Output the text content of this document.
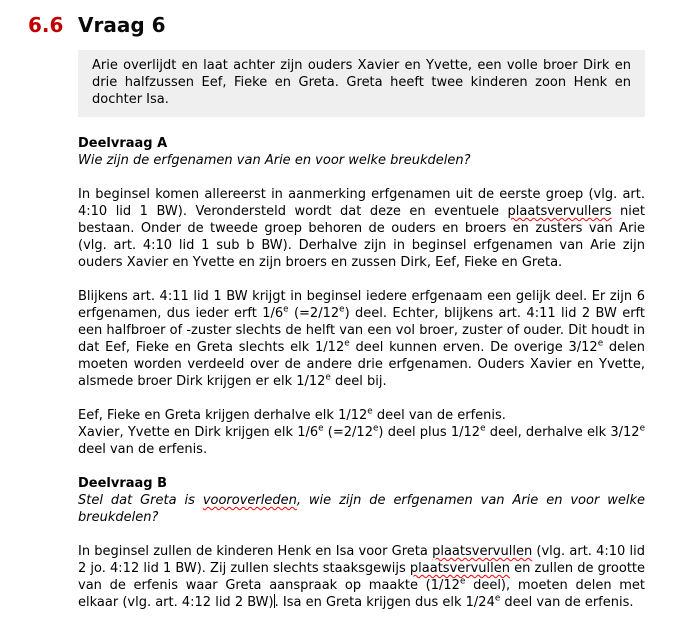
6.6 Vraag 6
Arie overlijdt en laat achter zijn ouders Xavier en Yvette, een volle broer Dirk en drie halfzussen Eef, Fieke en Greta. Greta heeft twee kinderen zoon Henk en dochter Isa.
Deelvraag A

Wie zijn de erfgenamen van Arie en voor welke breukdelen?

In beginsel komen allereerst in aanmerking erfgenamen uit de eerste groep (vlg. art. 4:10 lid 1 BW). Verondersteld wordt dat deze en eventuele plaatsvervullers niet bestaan. Onder de tweede groep behoren de ouders en broers en zusters van Arie (vlg. art. 4:10 lid 1 sub b BW). Derhalve zijn in beginsel erfgenamen van Arie zijn ouders Xavier en Yvette en zijn broers en zussen Dirk, Eef, Fieke en Greta.

Blijkens art. 4:11 lid 1 BW krijgt in beginsel iedere erfgenaam een gelijk deel. Er zijn 6 erfgenamen, dus ieder erft 1/6e $(=2/12^e)$ deel. Echter, blijkens art. 4:11 lid 2 BW erft een halfbroer of -zuster slechts de helft van een vol broer, zuster of ouder. Dit houdt in dat Eef, Fieke en Greta slechts elk 1/12e deel kunnen erven. De overige 3/12e delen moeten worden verdeeld over de andere drie erfgenamen. Ouders Xavier en Yvette, alsmede broer Dirk krijgen er elk 1/12e deel bij.

Eef, Fieke en Greta krijgen derhalve elk 1/12e deel van de erfenis.
Xavier, Yvette en Dirk krijgen elk 1/6e $(=2/12^e)$ deel plus 1/12e deel, derhalve elk 3/12e deel van de erfenis.

Deelvraag B

Stel dat Greta is vooroverleden, wie zijn de erfgenamen van Arie en voor welke breukdelen?

In beginsel zullen de kinderen Henk en Isa voor Greta plaatsvervullen (vlg. art. 4:10 lid 2 jo. 4:12 lid 1 BW). Zij zullen slechts staaksgewijs plaatsvervullen en zullen de grootte van de erfenis waar Greta aanspraak op maakte (1/12e deel), moeten delen met elkaar (vlg. art. 4:12 lid 2 BW). Isa en Greta krijgen dus elk 1/24e deel van de erfenis.
